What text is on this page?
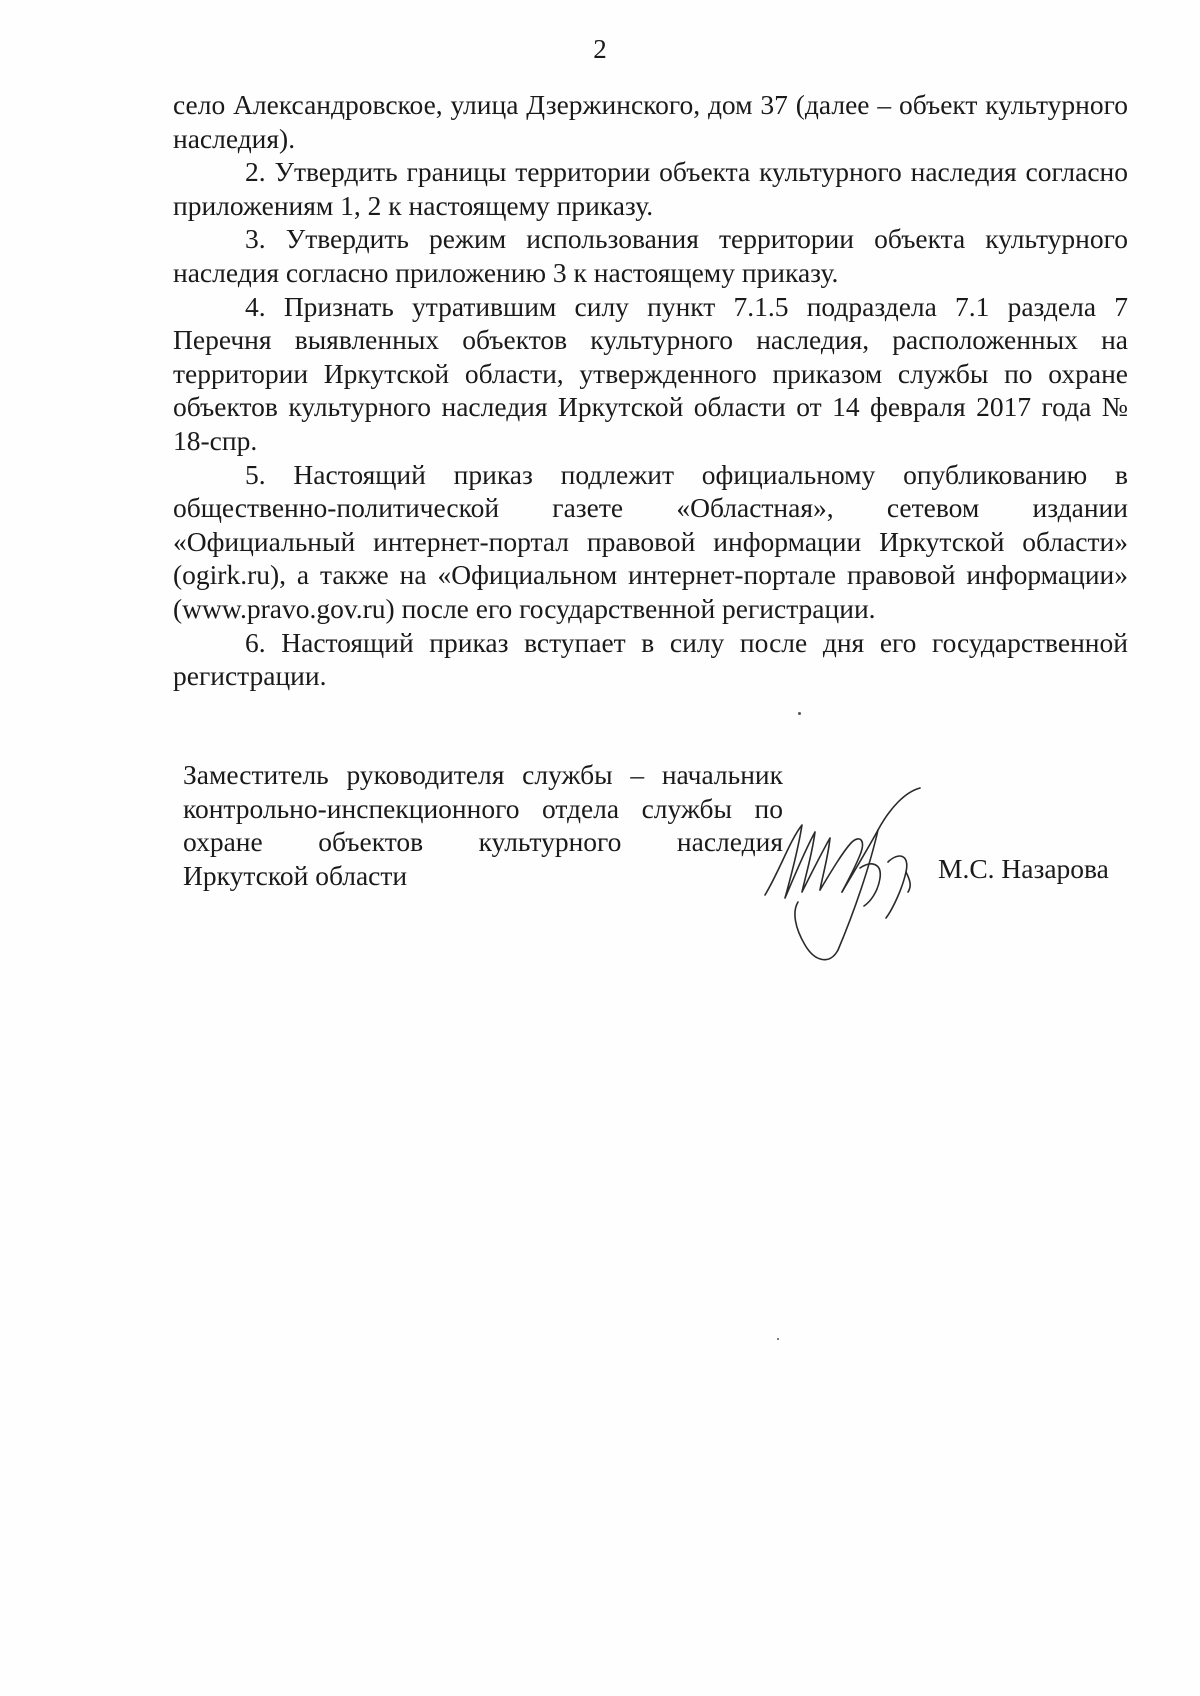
2

село Александровское, улица Дзержинского, дом 37 (далее – объект культурного наследия).

2. Утвердить границы территории объекта культурного наследия согласно приложениям 1, 2 к настоящему приказу.

3. Утвердить режим использования территории объекта культурного наследия согласно приложению 3 к настоящему приказу.

4. Признать утратившим силу пункт 7.1.5 подраздела 7.1 раздела 7 Перечня выявленных объектов культурного наследия, расположенных на территории Иркутской области, утвержденного приказом службы по охране объектов культурного наследия Иркутской области от 14 февраля 2017 года № 18-спр.

5. Настоящий приказ подлежит официальному опубликованию в общественно-политической газете «Областная», сетевом издании «Официальный интернет-портал правовой информации Иркутской области» (ogirk.ru), а также на «Официальном интернет-портале правовой информации» (www.pravo.gov.ru) после его государственной регистрации.

6. Настоящий приказ вступает в силу после дня его государственной регистрации.

Заместитель руководителя службы – начальник
контрольно-инспекционного отдела службы по
охране объектов культурного наследия
Иркутской области	М.С. Назарова
